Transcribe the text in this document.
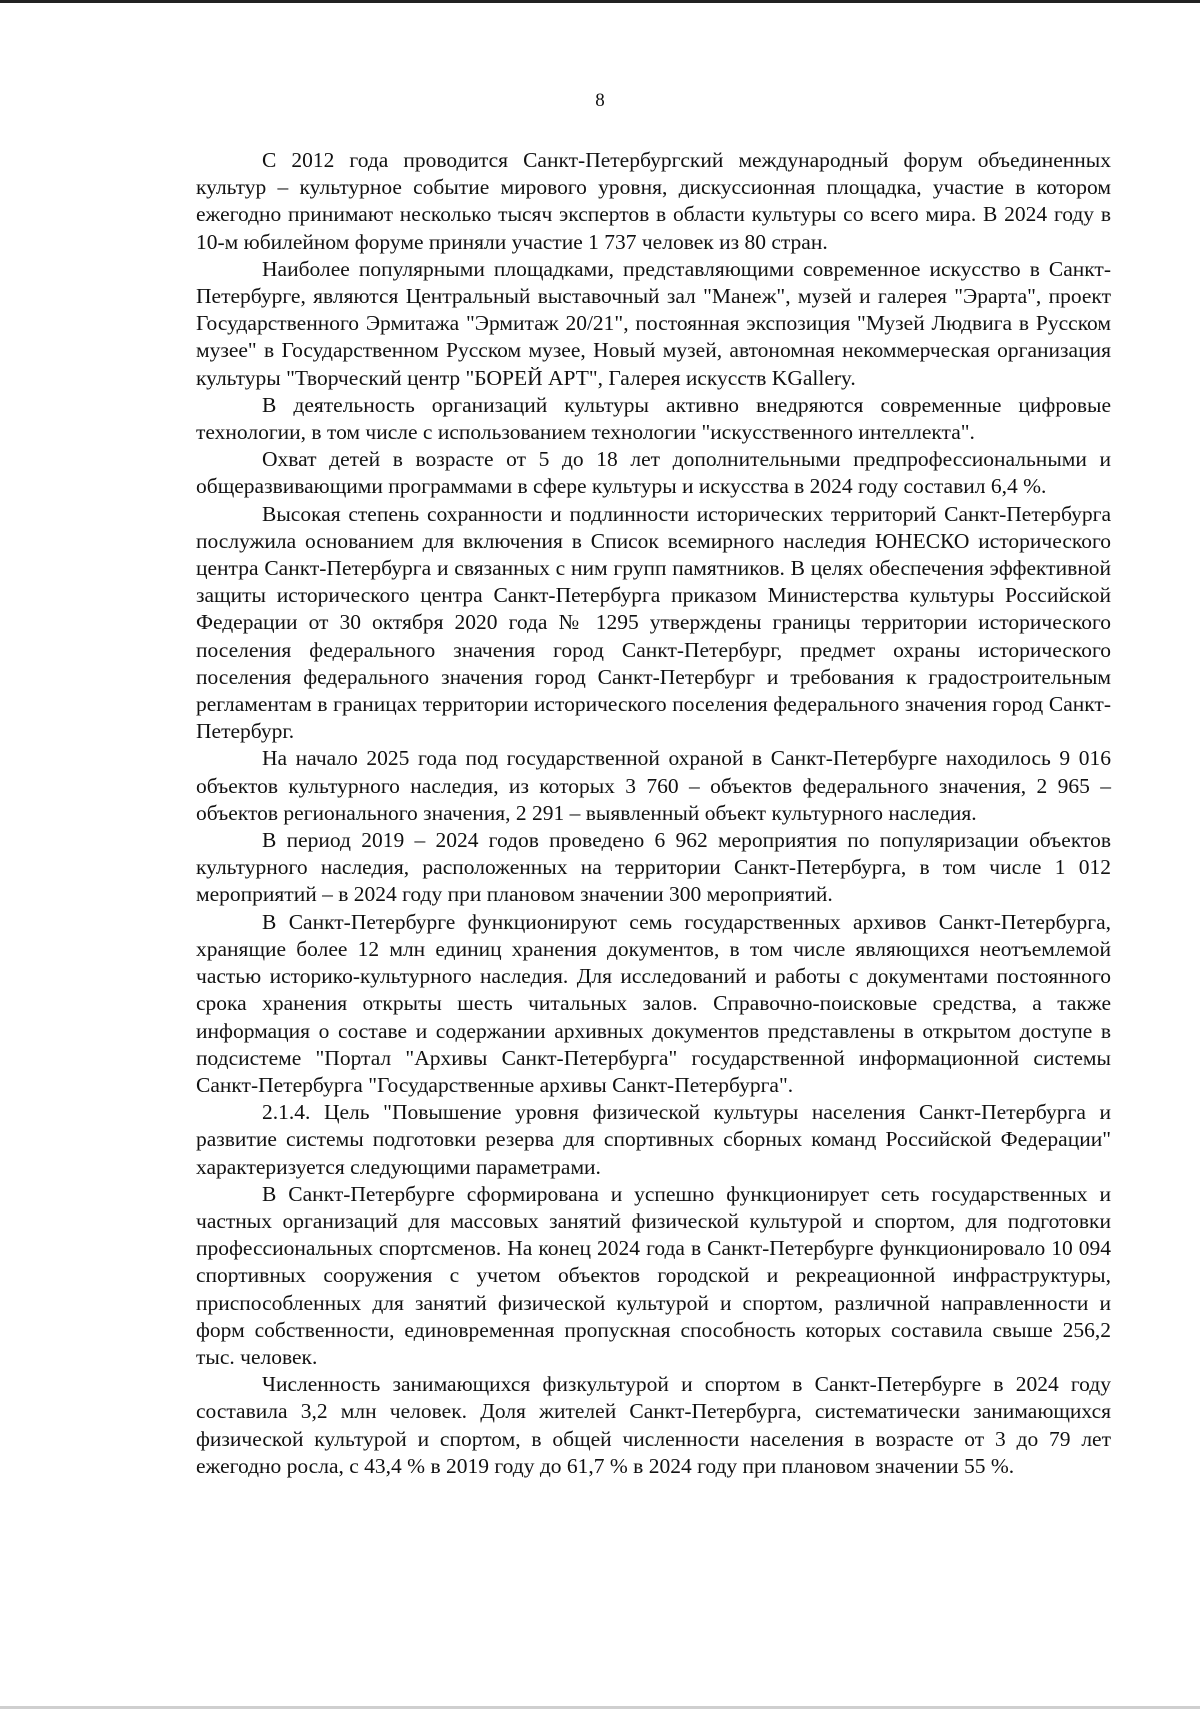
8

С 2012 года проводится Санкт-Петербургский международный форум объединенных культур – культурное событие мирового уровня, дискуссионная площадка, участие в котором ежегодно принимают несколько тысяч экспертов в области культуры со всего мира. В 2024 году в 10-м юбилейном форуме приняли участие 1 737 человек из 80 стран.

Наиболее популярными площадками, представляющими современное искусство в Санкт-Петербурге, являются Центральный выставочный зал "Манеж", музей и галерея "Эрарта", проект Государственного Эрмитажа "Эрмитаж 20/21", постоянная экспозиция "Музей Людвига в Русском музее" в Государственном Русском музее, Новый музей, автономная некоммерческая организация культуры "Творческий центр "БОРЕЙ АРТ", Галерея искусств KGallery.

В деятельность организаций культуры активно внедряются современные цифровые технологии, в том числе с использованием технологии "искусственного интеллекта".

Охват детей в возрасте от 5 до 18 лет дополнительными предпрофессиональными и общеразвивающими программами в сфере культуры и искусства в 2024 году составил 6,4 %.

Высокая степень сохранности и подлинности исторических территорий Санкт-Петербурга послужила основанием для включения в Список всемирного наследия ЮНЕСКО исторического центра Санкт-Петербурга и связанных с ним групп памятников. В целях обеспечения эффективной защиты исторического центра Санкт-Петербурга приказом Министерства культуры Российской Федерации от 30 октября 2020 года № 1295 утверждены границы территории исторического поселения федерального значения город Санкт-Петербург, предмет охраны исторического поселения федерального значения город Санкт-Петербург и требования к градостроительным регламентам в границах территории исторического поселения федерального значения город Санкт-Петербург.

На начало 2025 года под государственной охраной в Санкт-Петербурге находилось 9 016 объектов культурного наследия, из которых 3 760 – объектов федерального значения, 2 965 – объектов регионального значения, 2 291 – выявленный объект культурного наследия.

В период 2019 – 2024 годов проведено 6 962 мероприятия по популяризации объектов культурного наследия, расположенных на территории Санкт-Петербурга, в том числе 1 012 мероприятий – в 2024 году при плановом значении 300 мероприятий.

В Санкт-Петербурге функционируют семь государственных архивов Санкт-Петербурга, хранящие более 12 млн единиц хранения документов, в том числе являющихся неотъемлемой частью историко-культурного наследия. Для исследований и работы с документами постоянного срока хранения открыты шесть читальных залов. Справочно-поисковые средства, а также информация о составе и содержании архивных документов представлены в открытом доступе в подсистеме "Портал "Архивы Санкт-Петербурга" государственной информационной системы Санкт-Петербурга "Государственные архивы Санкт-Петербурга".

2.1.4. Цель "Повышение уровня физической культуры населения Санкт-Петербурга и развитие системы подготовки резерва для спортивных сборных команд Российской Федерации" характеризуется следующими параметрами.

В Санкт-Петербурге сформирована и успешно функционирует сеть государственных и частных организаций для массовых занятий физической культурой и спортом, для подготовки профессиональных спортсменов. На конец 2024 года в Санкт-Петербурге функционировало 10 094 спортивных сооружения с учетом объектов городской и рекреационной инфраструктуры, приспособленных для занятий физической культурой и спортом, различной направленности и форм собственности, единовременная пропускная способность которых составила свыше 256,2 тыс. человек.

Численность занимающихся физкультурой и спортом в Санкт-Петербурге в 2024 году составила 3,2 млн человек. Доля жителей Санкт-Петербурга, систематически занимающихся физической культурой и спортом, в общей численности населения в возрасте от 3 до 79 лет ежегодно росла, с 43,4 % в 2019 году до 61,7 % в 2024 году при плановом значении 55 %.
